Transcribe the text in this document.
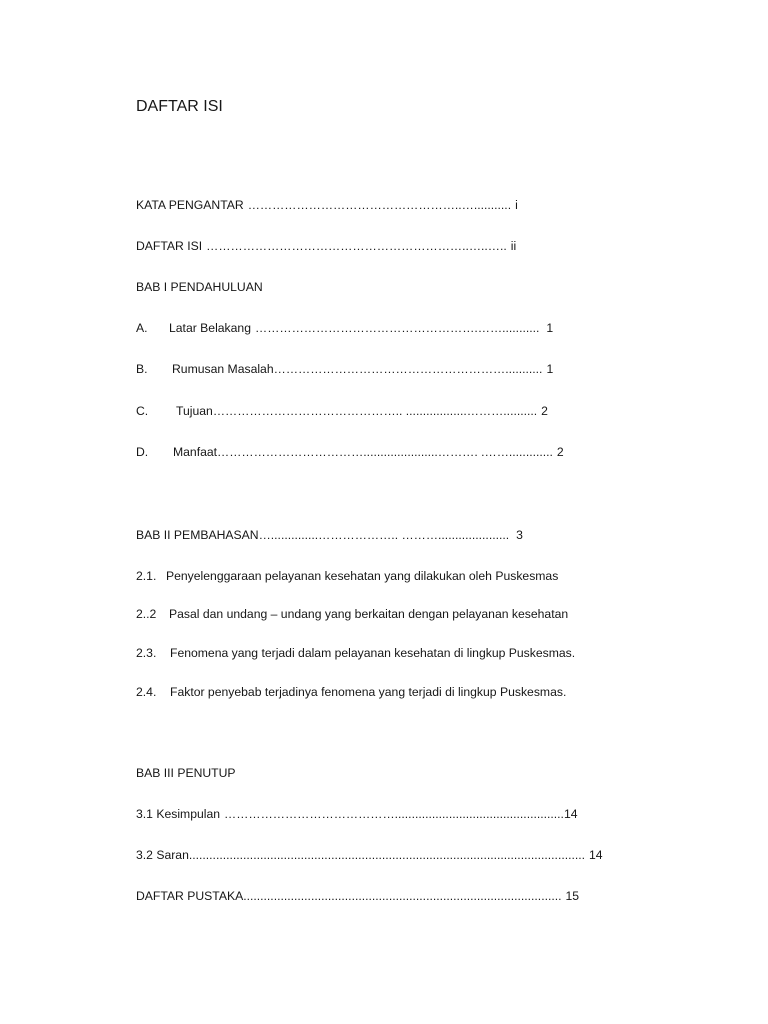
DAFTAR ISI
KATA PENGANTAR ……………………………………………..…........... i
DAFTAR ISI ………………………………………………………..…..….. ii
BAB I PENDAHULUAN
A.	Latar Belakang ……………………………………………….……........... 1
B.	Rumusan Masalah …………………………………………………........... 1
C.	Tujuan ……………………………………….. ..................……….......... 2
D.	Manfaat ………………………………......................………. .……............. 2
BAB II PEMBAHASAN …..............……………….. ………..................... 3
2.1. Penyelenggaraan pelayanan kesehatan yang dilakukan oleh Puskesmas
2..2	Pasal dan undang – undang yang berkaitan dengan pelayanan kesehatan
2.3.	Fenomena yang terjadi dalam pelayanan kesehatan di lingkup Puskesmas.
2.4.	Faktor penyebab terjadinya fenomena yang terjadi di lingkup Puskesmas.
BAB III PENUTUP
3.1 Kesimpulan …………………………………….................................................. 14
3.2 Saran ..................................................................................................................... 14
DAFTAR PUSTAKA .............................................................................................. 15
